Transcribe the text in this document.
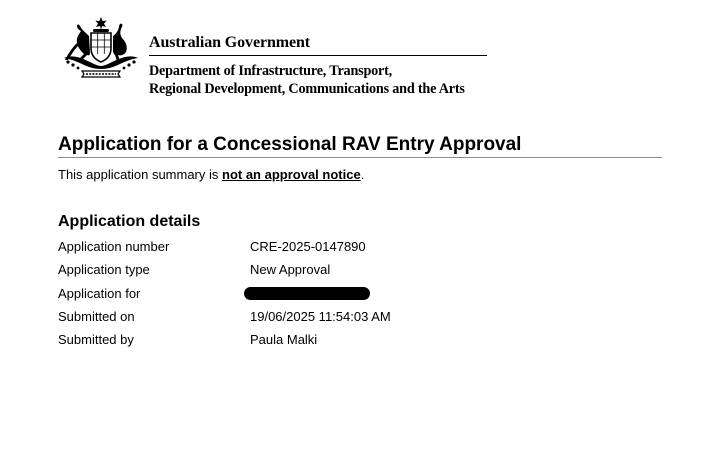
Australian Government
Department of Infrastructure, Transport,
Regional Development, Communications and the Arts
Application for a Concessional RAV Entry Approval
This application summary is not an approval notice.
Application details
Application number	CRE-2025-0147890
Application type	New Approval
Application for
Submitted on	19/06/2025 11:54:03 AM
Submitted by	Paula Malki
